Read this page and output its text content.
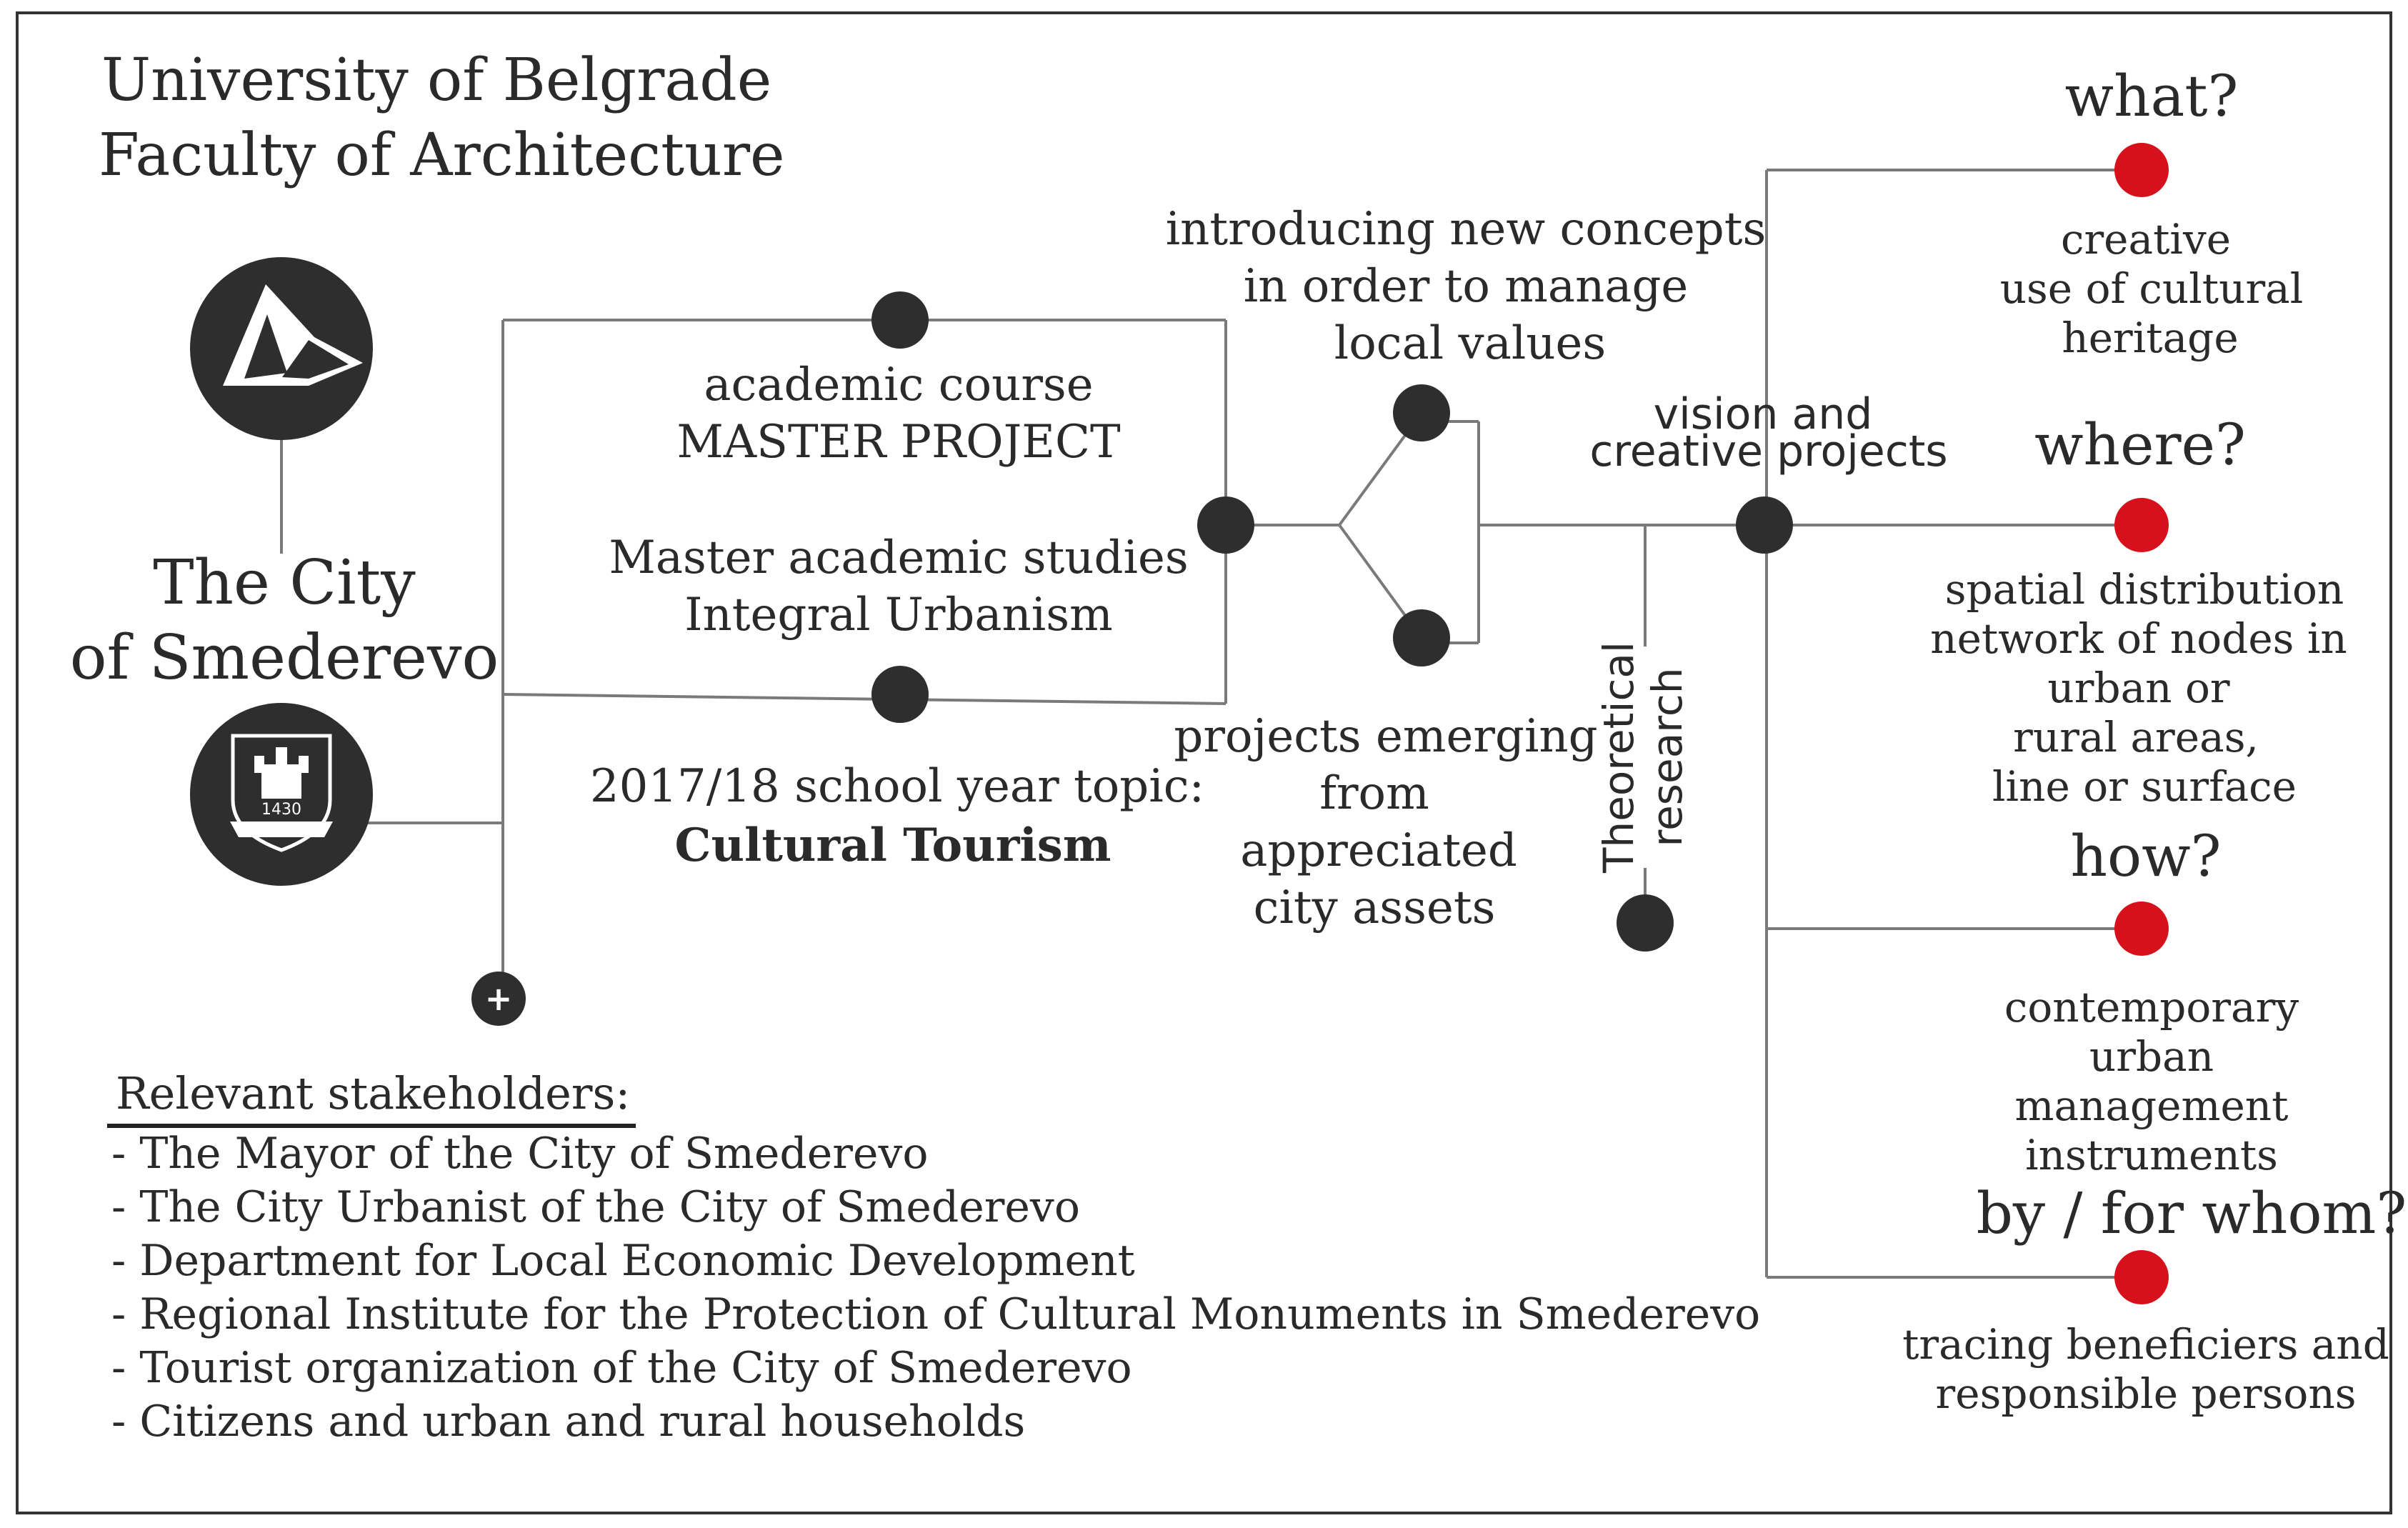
University of Belgrade
Faculty of Architecture
The City
of Smederevo
1430
+
academic course
MASTER PROJECT
Master academic studies
Integral Urbanism
2017/18 school year topic:
Cultural Tourism
introducing new concepts
in order to manage
local values
projects emerging
from
appreciated
city assets
Theoretical research
vision and
creative projects
what?
creative
use of cultural
heritage
where?
spatial distribution
network of nodes in
urban or
rural areas,
line or surface
how?
contemporary
urban
management
instruments
by / for whom?
tracing beneficiers and
responsible persons
Relevant stakeholders:
- The Mayor of the City of Smederevo
- The City Urbanist of the City of Smederevo
- Department for Local Economic Development
- Regional Institute for the Protection of Cultural Monuments in Smederevo
- Tourist organization of the City of Smederevo
- Citizens and urban and rural households
